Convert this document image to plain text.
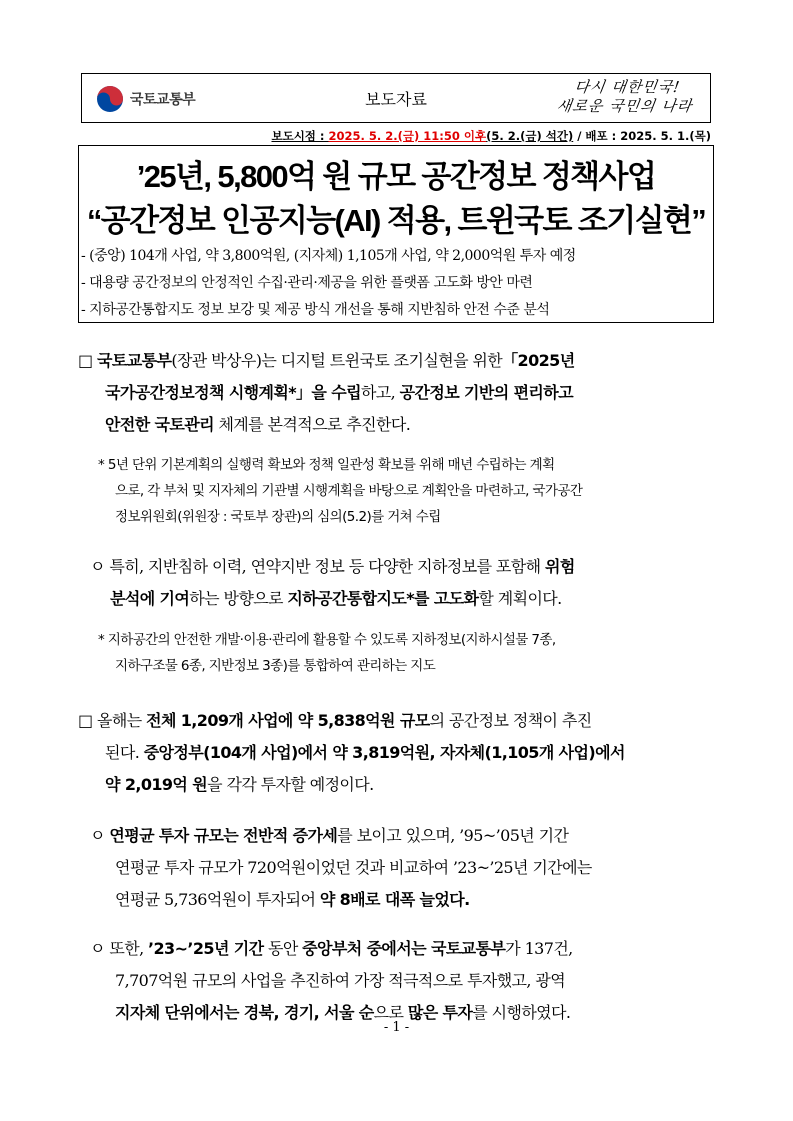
국토교통부	보도자료
다시 대한민국!
새로운 국민의 나라
보도시점 : 2025. 5. 2.(금) 11:50 이후(5. 2.(금) 석간) / 배포 : 2025. 5. 1.(목)
’25년, 5,800억 원 규모 공간정보 정책사업
“공간정보 인공지능(AI) 적용, 트윈국토 조기실현”
- (중앙) 104개 사업, 약 3,800억원, (지자체) 1,105개 사업, 약 2,000억원 투자 예정
- 대용량 공간정보의 안정적인 수집·관리·제공을 위한 플랫폼 고도화 방안 마련
- 지하공간통합지도 정보 보강 및 제공 방식 개선을 통해 지반침하 안전 수준 분석
□ 국토교통부(장관 박상우)는 디지털 트윈국토 조기실현을 위한「2025년
국가공간정보정책 시행계획*」을 수립하고, 공간정보 기반의 편리하고
안전한 국토관리 체계를 본격적으로 추진한다.
* 5년 단위 기본계획의 실행력 확보와 정책 일관성 확보를 위해 매년 수립하는 계획
으로, 각 부처 및 지자체의 기관별 시행계획을 바탕으로 계획안을 마련하고, 국가공간
정보위원회(위원장 : 국토부 장관)의 심의(5.2)를 거쳐 수립
ㅇ 특히, 지반침하 이력, 연약지반 정보 등 다양한 지하정보를 포함해 위험
분석에 기여하는 방향으로 지하공간통합지도*를 고도화할 계획이다.
* 지하공간의 안전한 개발·이용·관리에 활용할 수 있도록 지하정보(지하시설물 7종,
지하구조물 6종, 지반정보 3종)를 통합하여 관리하는 지도
□ 올해는 전체 1,209개 사업에 약 5,838억원 규모의 공간정보 정책이 추진
된다. 중앙정부(104개 사업)에서 약 3,819억원, 자자체(1,105개 사업)에서
약 2,019억 원을 각각 투자할 예정이다.
ㅇ 연평균 투자 규모는 전반적 증가세를 보이고 있으며, ’95~’05년 기간
연평균 투자 규모가 720억원이었던 것과 비교하여 ’23~’25년 기간에는
연평균 5,736억원이 투자되어 약 8배로 대폭 늘었다.
ㅇ 또한, ’23~’25년 기간 동안 중앙부처 중에서는 국토교통부가 137건,
7,707억원 규모의 사업을 추진하여 가장 적극적으로 투자했고, 광역
지자체 단위에서는 경북, 경기, 서울 순으로 많은 투자를 시행하였다.
- 1 -
